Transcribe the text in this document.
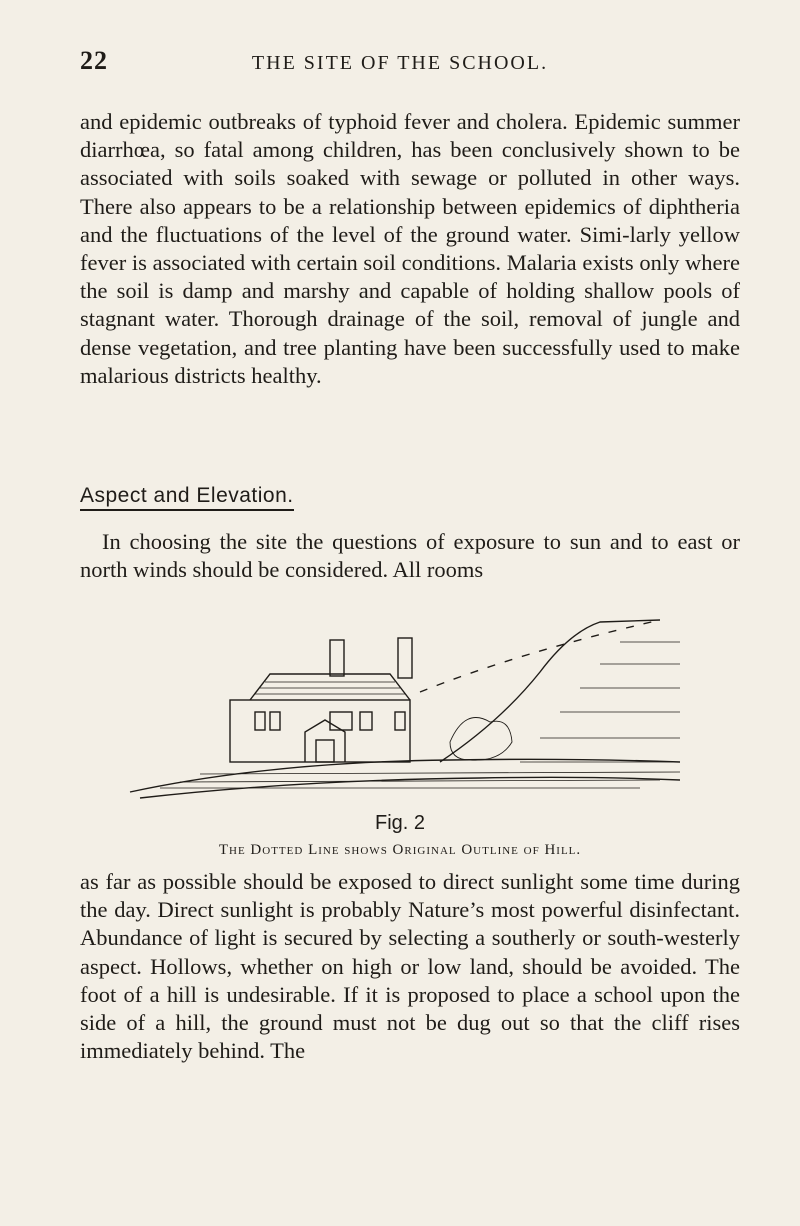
22	THE SITE OF THE SCHOOL.

and epidemic outbreaks of typhoid fever and cholera. Epidemic summer diarrhœa, so fatal among children, has been conclusively shown to be associated with soils soaked with sewage or polluted in other ways. There also appears to be a relationship between epidemics of diphtheria and the fluctuations of the level of the ground water. Simi-larly yellow fever is associated with certain soil conditions. Malaria exists only where the soil is damp and marshy and capable of holding shallow pools of stagnant water. Thorough drainage of the soil, removal of jungle and dense vegetation, and tree planting have been successfully used to make malarious districts healthy.

Aspect and Elevation.

In choosing the site the questions of exposure to sun and to east or north winds should be considered. All rooms

Fig. 2
The Dotted Line shows Original Outline of Hill.

as far as possible should be exposed to direct sunlight some time during the day. Direct sunlight is probably Nature’s most powerful disinfectant. Abundance of light is secured by selecting a southerly or south-westerly aspect. Hollows, whether on high or low land, should be avoided. The foot of a hill is undesirable. If it is proposed to place a school upon the side of a hill, the ground must not be dug out so that the cliff rises immediately behind. The
